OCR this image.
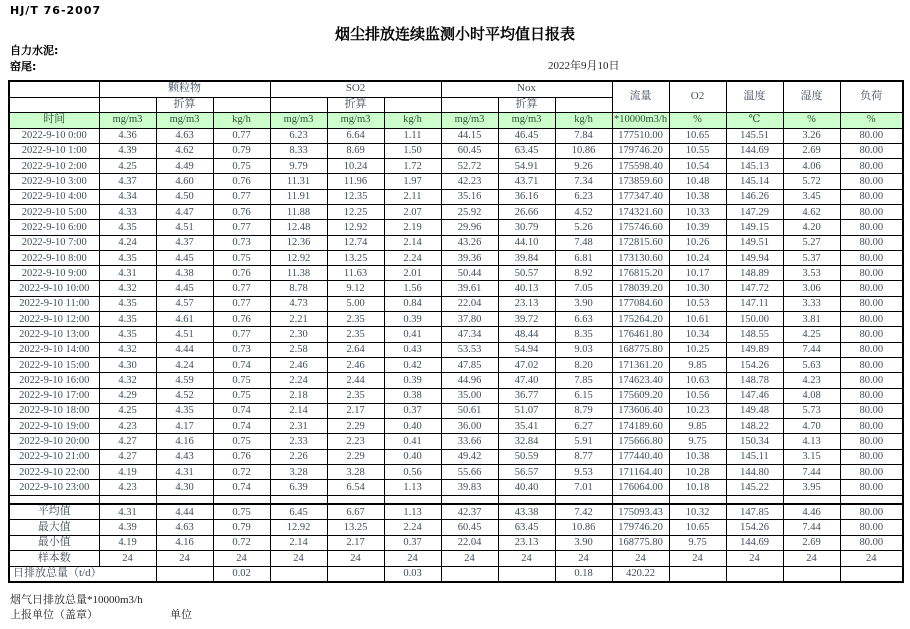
HJ/T 76-2007
烟尘排放连续监测小时平均值日报表
自力水泥:
窑尾:	2022年9月10日
	颗粒物			SO2			Nox			流量	O2	温度	湿度	负荷
		折算			折算			折算						
时间	mg/m3	mg/m3	kg/h	mg/m3	mg/m3	kg/h	mg/m3	mg/m3	kg/h	*10000m3/h	%	℃	%	%
2022-9-10 0:00	4.36	4.63	0.77	6.23	6.64	1.11	44.15	46.45	7.84	177510.00	10.65	145.51	3.26	80.00
2022-9-10 1:00	4.39	4.62	0.79	8.33	8.69	1.50	60.45	63.45	10.86	179746.20	10.55	144.69	2.69	80.00
2022-9-10 2:00	4.25	4.49	0.75	9.79	10.24	1.72	52.72	54.91	9.26	175598.40	10.54	145.13	4.06	80.00
2022-9-10 3:00	4.37	4.60	0.76	11.31	11.96	1.97	42.23	43.71	7.34	173859.60	10.48	145.14	5.72	80.00
2022-9-10 4:00	4.34	4.50	0.77	11.91	12.35	2.11	35.16	36.16	6.23	177347.40	10.38	146.26	3.45	80.00
2022-9-10 5:00	4.33	4.47	0.76	11.88	12.25	2.07	25.92	26.66	4.52	174321.60	10.33	147.29	4.62	80.00
2022-9-10 6:00	4.35	4.51	0.77	12.48	12.92	2.19	29.96	30.79	5.26	175746.60	10.39	149.15	4.20	80.00
2022-9-10 7:00	4.24	4.37	0.73	12.36	12.74	2.14	43.26	44.10	7.48	172815.60	10.26	149.51	5.27	80.00
2022-9-10 8:00	4.35	4.45	0.75	12.92	13.25	2.24	39.36	39.84	6.81	173130.60	10.24	149.94	5.37	80.00
2022-9-10 9:00	4.31	4.38	0.76	11.38	11.63	2.01	50.44	50.57	8.92	176815.20	10.17	148.89	3.53	80.00
2022-9-10 10:00	4.32	4.45	0.77	8.78	9.12	1.56	39.61	40.13	7.05	178039.20	10.30	147.72	3.06	80.00
2022-9-10 11:00	4.35	4.57	0.77	4.73	5.00	0.84	22.04	23.13	3.90	177084.60	10.53	147.11	3.33	80.00
2022-9-10 12:00	4.35	4.61	0.76	2.21	2.35	0.39	37.80	39.72	6.63	175264.20	10.61	150.00	3.81	80.00
2022-9-10 13:00	4.35	4.51	0.77	2.30	2.35	0.41	47.34	48.44	8.35	176461.80	10.34	148.55	4.25	80.00
2022-9-10 14:00	4.32	4.44	0.73	2.58	2.64	0.43	53.53	54.94	9.03	168775.80	10.25	149.89	7.44	80.00
2022-9-10 15:00	4.30	4.24	0.74	2.46	2.46	0.42	47.85	47.02	8.20	171361.20	9.85	154.26	5.63	80.00
2022-9-10 16:00	4.32	4.59	0.75	2.24	2.44	0.39	44.96	47.40	7.85	174623.40	10.63	148.78	4.23	80.00
2022-9-10 17:00	4.29	4.52	0.75	2.18	2.35	0.38	35.00	36.77	6.15	175609.20	10.56	147.46	4.08	80.00
2022-9-10 18:00	4.25	4.35	0.74	2.14	2.17	0.37	50.61	51.07	8.79	173606.40	10.23	149.48	5.73	80.00
2022-9-10 19:00	4.23	4.17	0.74	2.31	2.29	0.40	36.00	35.41	6.27	174189.60	9.85	148.22	4.70	80.00
2022-9-10 20:00	4.27	4.16	0.75	2.33	2.23	0.41	33.66	32.84	5.91	175666.80	9.75	150.34	4.13	80.00
2022-9-10 21:00	4.27	4.43	0.76	2.26	2.29	0.40	49.42	50.59	8.77	177440.40	10.38	145.11	3.15	80.00
2022-9-10 22:00	4.19	4.31	0.72	3.28	3.28	0.56	55.66	56.57	9.53	171164.40	10.28	144.80	7.44	80.00
2022-9-10 23:00	4.23	4.30	0.74	6.39	6.54	1.13	39.83	40.40	7.01	176064.00	10.18	145.22	3.95	80.00

平均值	4.31	4.44	0.75	6.45	6.67	1.13	42.37	43.38	7.42	175093.43	10.32	147.85	4.46	80.00
最大值	4.39	4.63	0.79	12.92	13.25	2.24	60.45	63.45	10.86	179746.20	10.65	154.26	7.44	80.00
最小值	4.19	4.16	0.72	2.14	2.17	0.37	22.04	23.13	3.90	168775.80	9.75	144.69	2.69	80.00
样本数	24	24	24	24	24	24	24	24	24	24	24	24	24	24
日排放总量（t/d）			0.02			0.03			0.18	420.22				
烟气日排放总量*10000m3/h
上报单位（盖章）	单位
